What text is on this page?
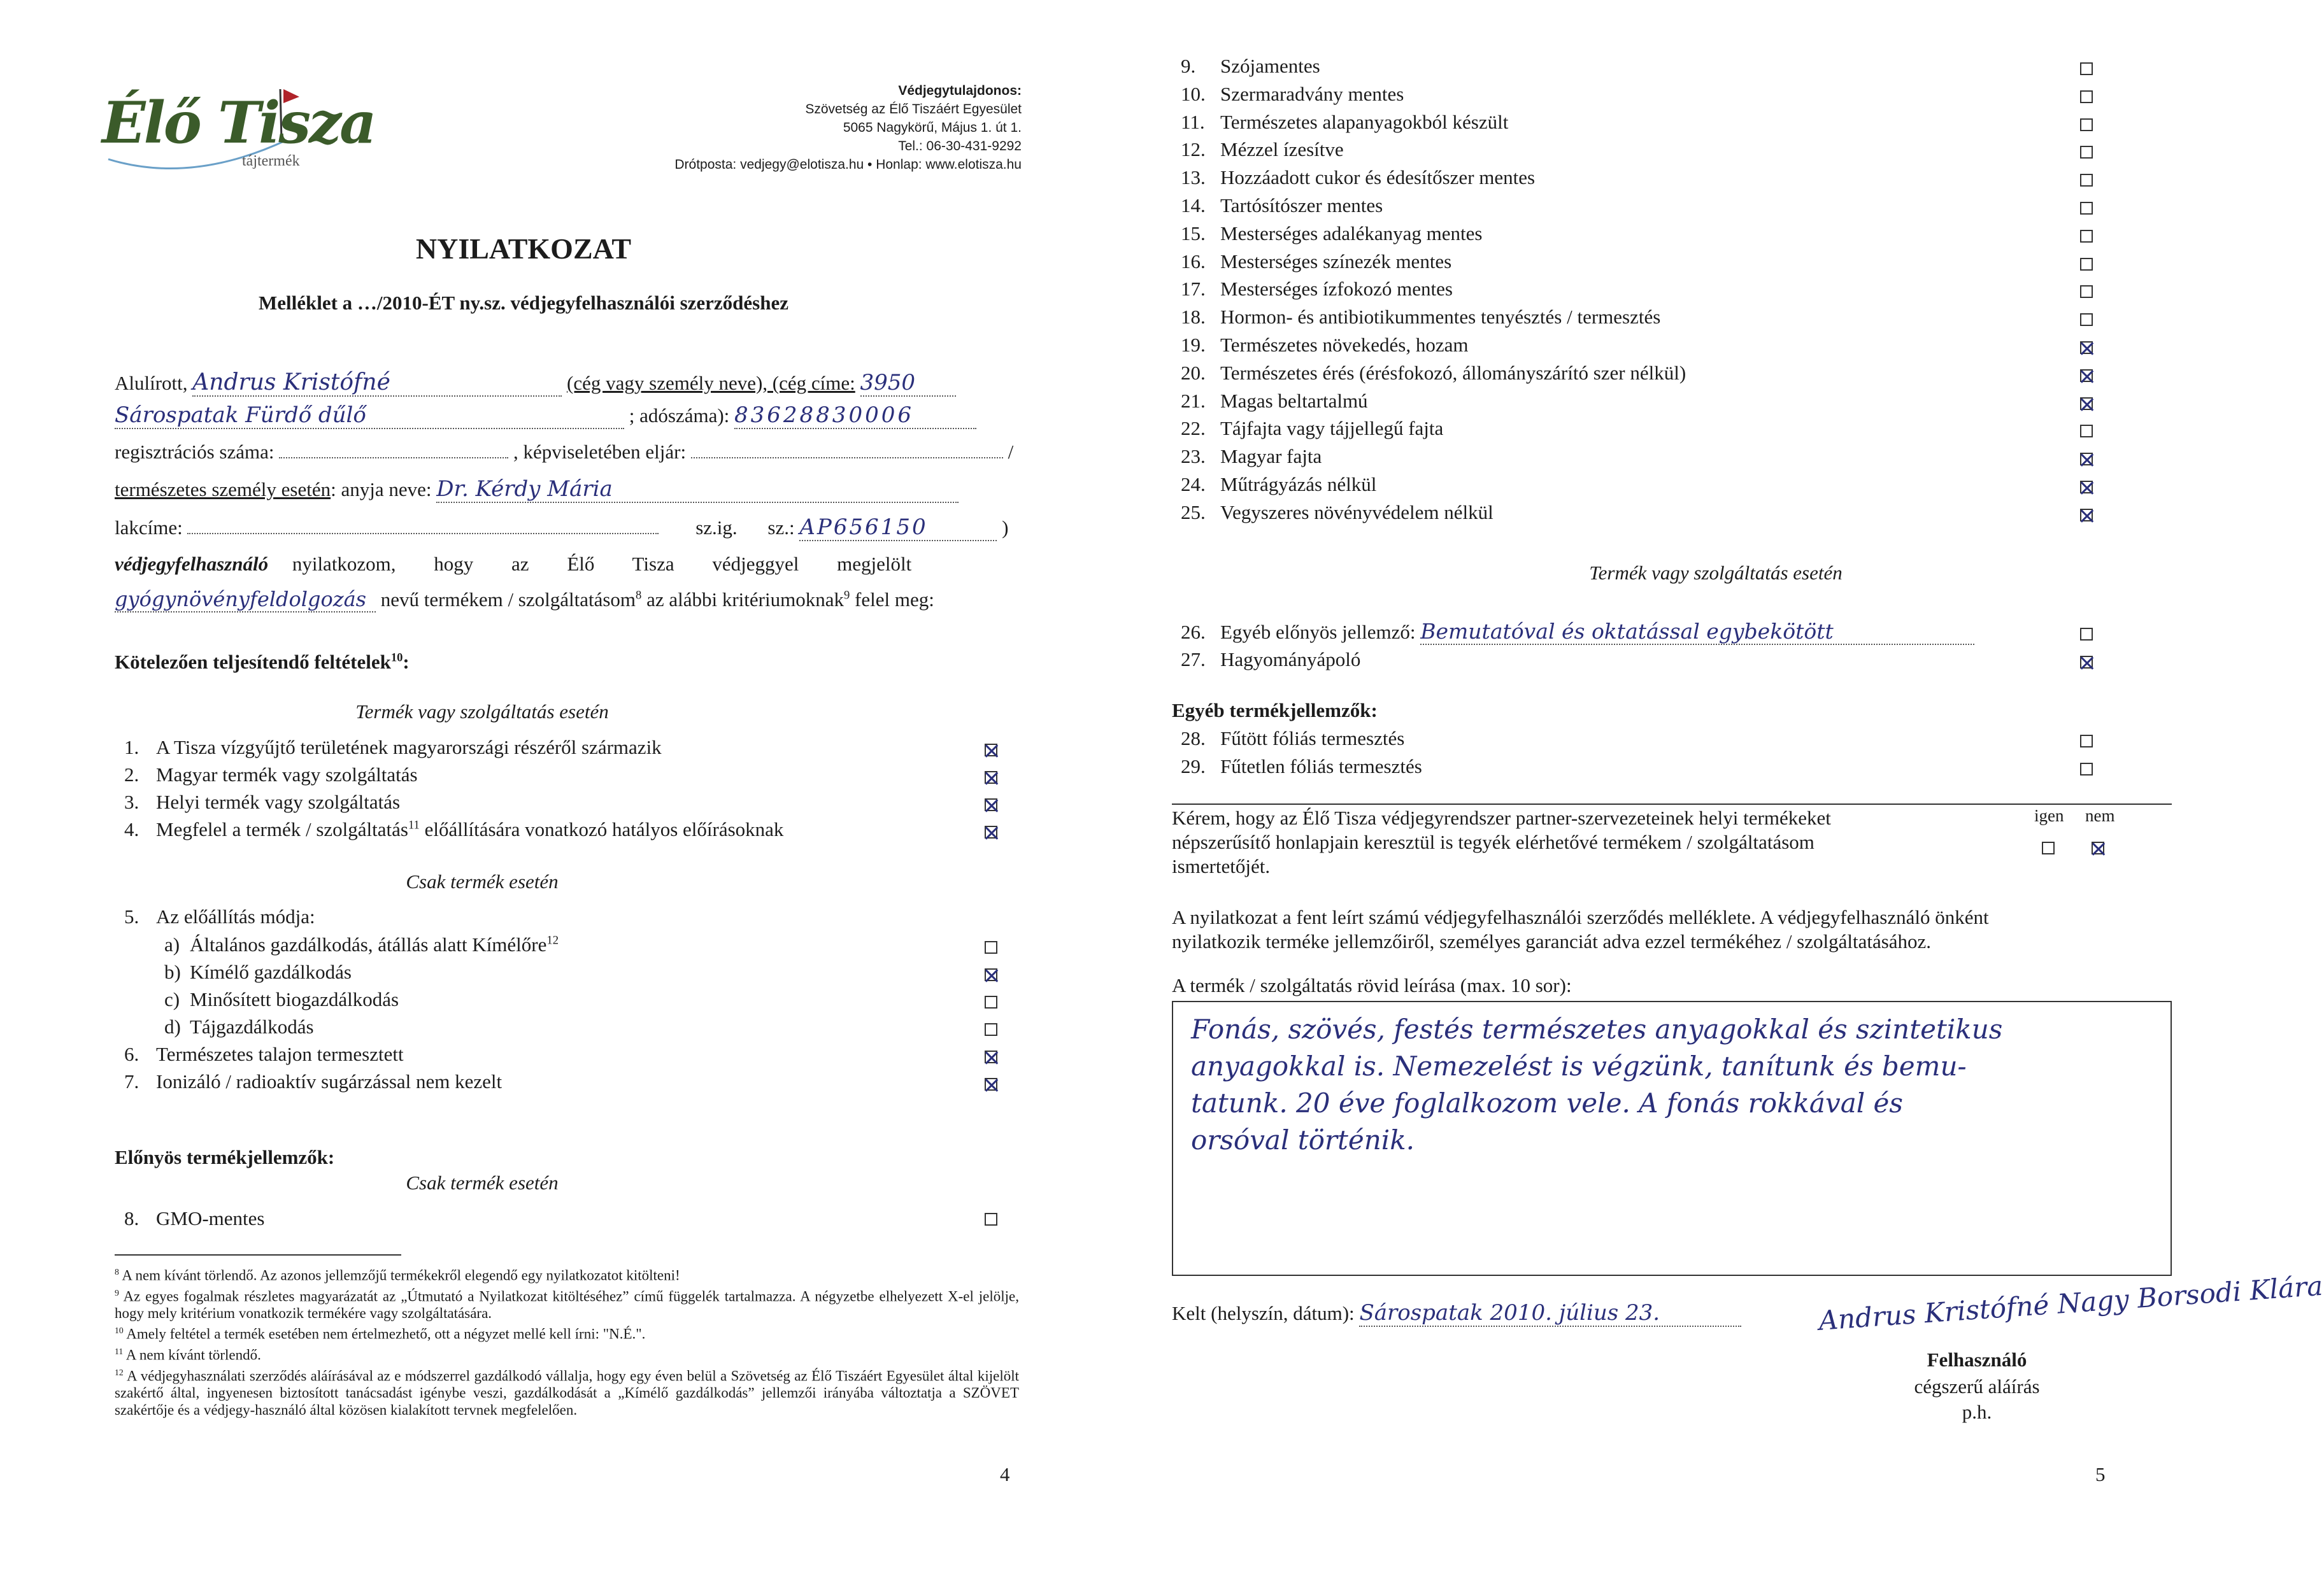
Élő Tisza
tájtermék
Védjegytulajdonos:
Szövetség az Élő Tiszáért Egyesület
5065 Nagykörű, Május 1. út 1.
Tel.: 06-30-431-9292
Drótposta: vedjegy@elotisza.hu • Honlap: www.elotisza.hu
NYILATKOZAT
Melléklet a …/2010-ÉT ny.sz. védjegyfelhasználói szerződéshez
Alulírott, Andrus Kristófné	(cég vagy személy neve), (cég címe: 3950
Sárospatak Fürdő dűlő	; adószáma): 83628830006
regisztrációs száma:	, képviseletében eljár:	/
természetes személy esetén: anyja neve: Dr. Kérdy Mária
lakcíme:	sz.ig. sz.: AP656150	)
védjegyfelhasználó nyilatkozom, hogy az Élő Tisza védjeggyel megjelölt
gyógynövényfeldolgozás nevű termékem / szolgáltatásom$^8$ az alábbi kritériumoknak$^9$ felel meg:
Kötelezően teljesítendő feltételek$^{10}$:
Termék vagy szolgáltatás esetén
1. A Tisza vízgyűjtő területének magyarországi részéről származik
2. Magyar termék vagy szolgáltatás
3. Helyi termék vagy szolgáltatás
4. Megfelel a termék / szolgáltatás$^{11}$ előállítására vonatkozó hatályos előírásoknak
Csak termék esetén
5. Az előállítás módja:
a) Általános gazdálkodás, átállás alatt Kímélőre$^{12}$
b) Kímélő gazdálkodás
c) Minősített biogazdálkodás
d) Tájgazdálkodás
6. Természetes talajon termesztett
7. Ionizáló / radioaktív sugárzással nem kezelt
Előnyös termékjellemzők:
Csak termék esetén
8. GMO-mentes
$^8$ A nem kívánt törlendő. Az azonos jellemzőjű termékekről elegendő egy nyilatkozatot kitölteni!
$^9$ Az egyes fogalmak részletes magyarázatát az „Útmutató a Nyilatkozat kitöltéséhez” című függelék tartalmazza. A négyzetbe elhelyezett X-el jelölje, hogy mely kritérium vonatkozik termékére vagy szolgáltatására.
$^{10}$ Amely feltétel a termék esetében nem értelmezhető, ott a négyzet mellé kell írni: "N.É.".
$^{11}$ A nem kívánt törlendő.
$^{12}$ A védjegyhasználati szerződés aláírásával az e módszerrel gazdálkodó vállalja, hogy egy éven belül a Szövetség az Élő Tiszáért Egyesület által kijelölt szakértő által, ingyenesen biztosított tanácsadást igénybe veszi, gazdálkodását a „Kímélő gazdálkodás” jellemzői irányába változtatja a SZÖVET szakértője és a védjegy-használó által közösen kialakított tervnek megfelelően.
4
9. Szójamentes
10. Szermaradvány mentes
11. Természetes alapanyagokból készült
12. Mézzel ízesítve
13. Hozzáadott cukor és édesítőszer mentes
14. Tartósítószer mentes
15. Mesterséges adalékanyag mentes
16. Mesterséges színezék mentes
17. Mesterséges ízfokozó mentes
18. Hormon- és antibiotikummentes tenyésztés / termesztés
19. Természetes növekedés, hozam
20. Természetes érés (érésfokozó, állományszárító szer nélkül)
21. Magas beltartalmú
22. Tájfajta vagy tájjellegű fajta
23. Magyar fajta
24. Műtrágyázás nélkül
25. Vegyszeres növényvédelem nélkül
Termék vagy szolgáltatás esetén
26. Egyéb előnyös jellemző: Bemutatóval és oktatással egybekötött
27. Hagyományápoló
Egyéb termékjellemzők:
28. Fűtött fóliás termesztés
29. Fűtetlen fóliás termesztés
Kérem, hogy az Élő Tisza védjegyrendszer partner-szervezeteinek helyi termékeket
népszerűsítő honlapjain keresztül is tegyék elérhetővé termékem / szolgáltatásom
ismertetőjét.
igen nem
A nyilatkozat a fent leírt számú védjegyfelhasználói szerződés melléklete. A védjegyfelhasználó önként
nyilatkozik terméke jellemzőiről, személyes garanciát adva ezzel termékéhez / szolgáltatásához.
A termék / szolgáltatás rövid leírása (max. 10 sor):
Fonás, szövés, festés természetes anyagokkal és szintetikus
anyagokkal is. Nemezelést is végzünk, tanítunk és bemu-
tatunk. 20 éve foglalkozom vele. A fonás rokkával és
orsóval történik.
Kelt (helyszín, dátum): Sárospatak 2010. július 23.	Andrus Kristófné Nagy Borsodi Klára
Felhasználó
cégszerű aláírás
p.h.
5
